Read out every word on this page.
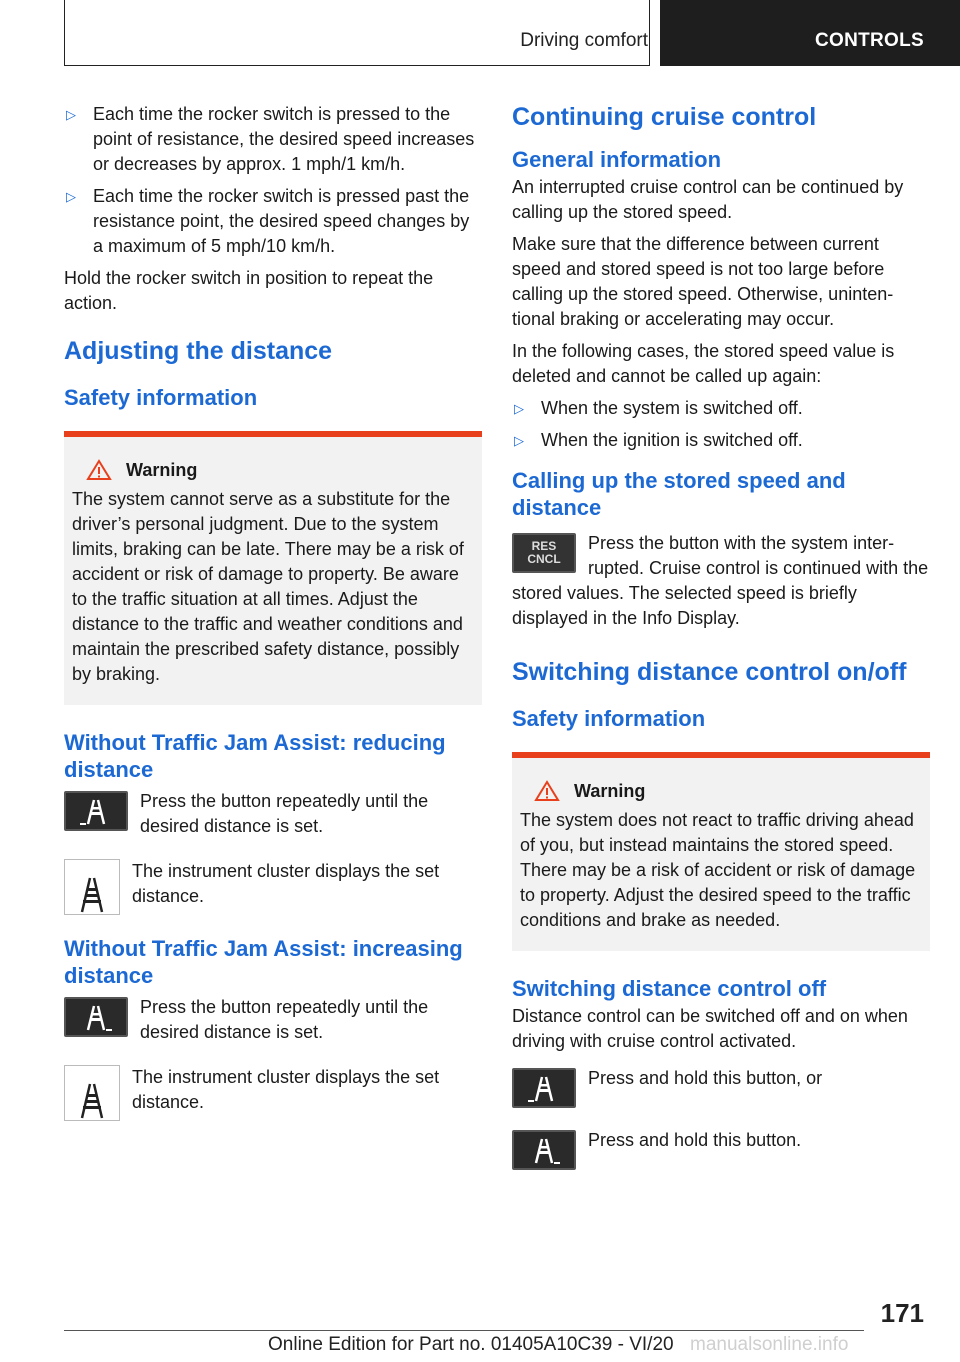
Driving comfort	CONTROLS
▷ Each time the rocker switch is pressed to the point of resistance, the desired speed increases or decreases by approx. 1 mph/1 km/h.
▷ Each time the rocker switch is pressed past the resistance point, the desired speed changes by a maximum of 5 mph/10 km/h.

Hold the rocker switch in position to repeat the action.

Adjusting the distance
Safety information
Warning

The system cannot serve as a substitute for the driver’s personal judgment. Due to the system limits, braking can be late. There may be a risk of accident or risk of damage to property. Be aware to the traffic situation at all times. Adjust the distance to the traffic and weather conditions and maintain the prescribed safety distance, possibly by braking.

Without Traffic Jam Assist: reducing distance

Press the button repeatedly until the desired distance is set.

The instrument cluster displays the set distance.

Without Traffic Jam Assist: increasing distance

Press the button repeatedly until the desired distance is set.

The instrument cluster displays the set distance.

Continuing cruise control
General information

An interrupted cruise control can be continued by calling up the stored speed.

Make sure that the difference between current speed and stored speed is not too large before calling up the stored speed. Otherwise, unintentional braking or accelerating may occur.

In the following cases, the stored speed value is deleted and cannot be called up again:

▷ When the system is switched off.
▷ When the ignition is switched off.
Calling up the stored speed and distance
RES
CNCL

Press the button with the system interrupted. Cruise control is continued with the stored values. The selected speed is briefly displayed in the Info Display.

Switching distance control on/off
Safety information
Warning

The system does not react to traffic driving ahead of you, but instead maintains the stored speed. There may be a risk of accident or risk of damage to property. Adjust the desired speed to the traffic conditions and brake as needed.

Switching distance control off

Distance control can be switched off and on when driving with cruise control activated.

Press and hold this button, or

Press and hold this button.

171
Online Edition for Part no. 01405A10C39 - VI/20 manualsonline.info
